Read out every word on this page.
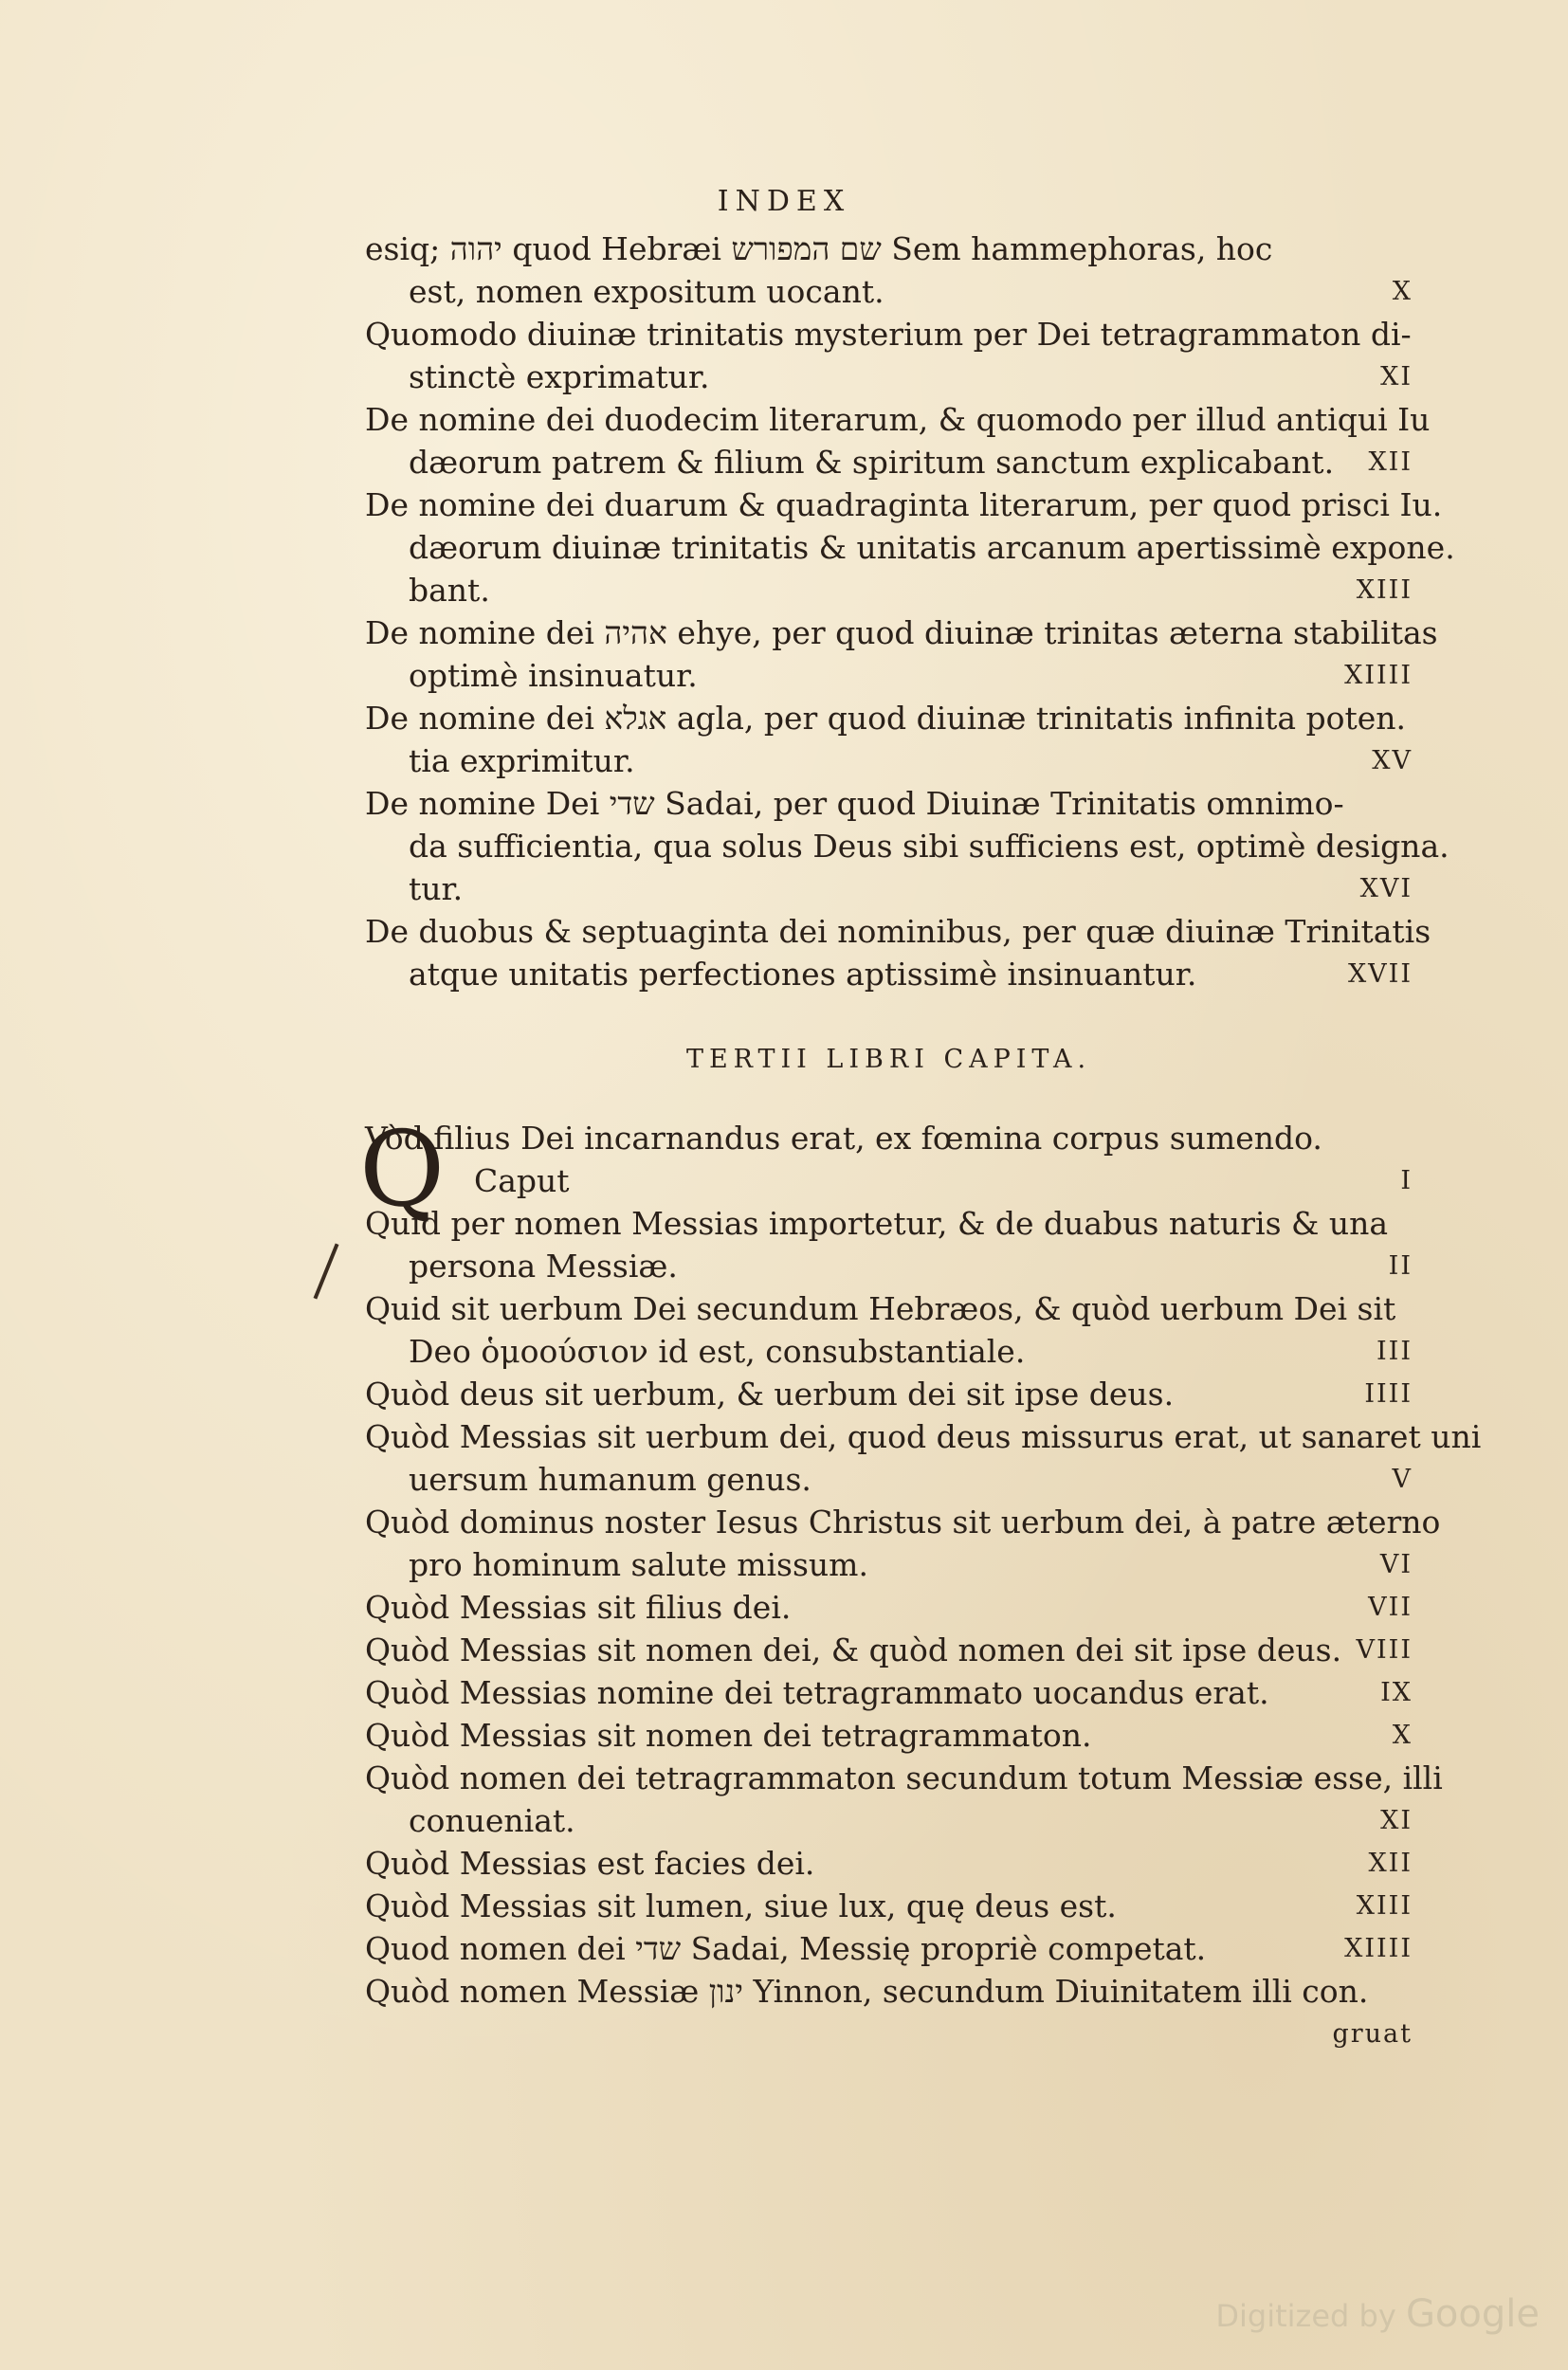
INDEX
esiq; יהוה quod Hebræi שם המפורש Sem hammephoras, hoc
est, nomen expositum uocant.	X
Quomodo diuinæ trinitatis mysterium per Dei tetragrammaton di-
stinctè exprimatur.	XI
De nomine dei duodecim literarum, & quomodo per illud antiqui Iu
dæorum patrem & filium & spiritum sanctum explicabant. XII
De nomine dei duarum & quadraginta literarum, per quod prisci Iu.
dæorum diuinæ trinitatis & unitatis arcanum apertissimè expone.
bant.	XIII
De nomine dei אהיה ehye, per quod diuinæ trinitas æterna stabilitas
optimè insinuatur.	XIIII
De nomine dei אגלא agla, per quod diuinæ trinitatis infinita poten.
tia exprimitur.	XV
De nomine Dei שדי Sadai, per quod Diuinæ Trinitatis omnimo-
da sufficientia, qua solus Deus sibi sufficiens est, optimè designa.
tur.	XVI
De duobus & septuaginta dei nominibus, per quæ diuinæ Trinitatis
atque unitatis perfectiones aptissimè insinuantur.	XVII
TERTII LIBRI CAPITA.
Q
Vòd filius Dei incarnandus erat, ex fœmina corpus sumendo.
Caput	I
Quid per nomen Messias importetur, & de duabus naturis & una
persona Messiæ.	II
Quid sit uerbum Dei secundum Hebræos, & quòd uerbum Dei sit
Deo ὁμοούσιον id est, consubstantiale.	III
Quòd deus sit uerbum, & uerbum dei sit ipse deus.	IIII
Quòd Messias sit uerbum dei, quod deus missurus erat, ut sanaret uni
uersum humanum genus.	V
Quòd dominus noster Iesus Christus sit uerbum dei, à patre æterno
pro hominum salute missum.	VI
Quòd Messias sit filius dei.	VII
Quòd Messias sit nomen dei, & quòd nomen dei sit ipse deus. VIII
Quòd Messias nomine dei tetragrammato uocandus erat.	IX
Quòd Messias sit nomen dei tetragrammaton.	X
Quòd nomen dei tetragrammaton secundum totum Messiæ esse, illi
conueniat.	XI
Quòd Messias est facies dei.	XII
Quòd Messias sit lumen, siue lux, quę deus est.	XIII
Quod nomen dei שדי Sadai, Messię propriè competat.	XIIII
Quòd nomen Messiæ ינון Yinnon, secundum Diuinitatem illi con.
gruat
Digitized by Google
